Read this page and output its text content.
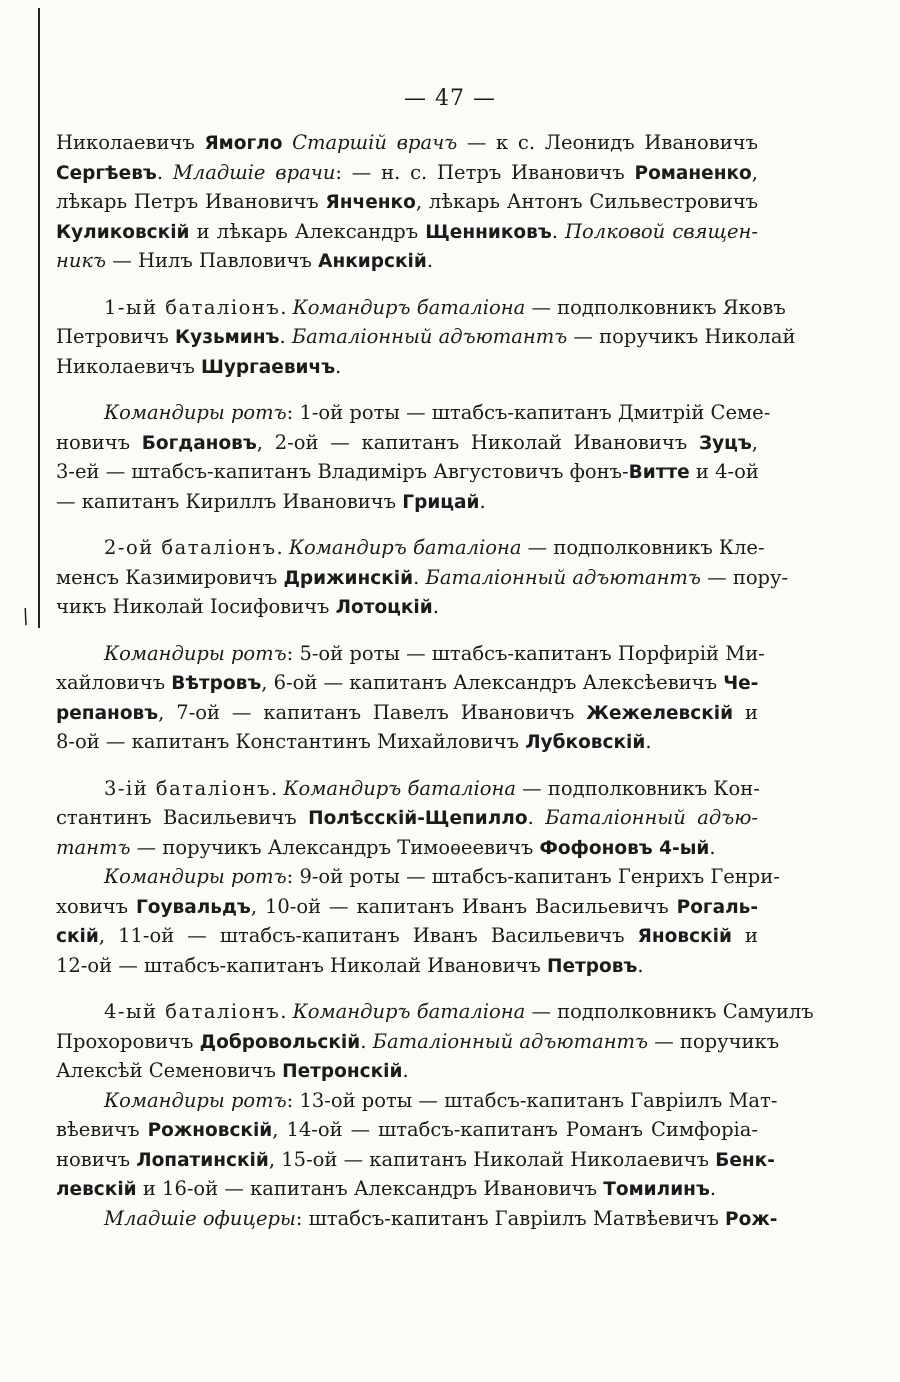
/
— 47 —
Николаевичъ Ямогло Старшій врачъ — к с. Леонидъ Ивановичъ
Сергѣевъ. Младшіе врачи: — н. с. Петръ Ивановичъ Романенко,
лѣкарь Петръ Ивановичъ Янченко, лѣкарь Антонъ Сильвестровичъ
Куликовскій и лѣкарь Александръ Щенниковъ. Полковой священ-
никъ — Нилъ Павловичъ Анкирскій.
1-ый баталіонъ. Командиръ баталіона — подполковникъ Яковъ
Петровичъ Кузьминъ. Баталіонный адъютантъ — поручикъ Николай
Николаевичъ Шургаевичъ.
Командиры ротъ: 1-ой роты — штабсъ-капитанъ Дмитрій Семе-
новичъ Богдановъ, 2-ой — капитанъ Николай Ивановичъ Зуцъ,
3-ей — штабсъ-капитанъ Владиміръ Августовичъ фонъ-Витте и 4-ой
— капитанъ Кириллъ Ивановичъ Грицай.
2-ой баталіонъ. Командиръ баталіона — подполковникъ Кле-
менсъ Казимировичъ Дрижинскій. Баталіонный адъютантъ — пору-
чикъ Николай Іосифовичъ Лотоцкій.
Командиры ротъ: 5-ой роты — штабсъ-капитанъ Порфирій Ми-
хайловичъ Вѣтровъ, 6-ой — капитанъ Александръ Алексѣевичъ Че-
репановъ, 7-ой — капитанъ Павелъ Ивановичъ Жежелевскій и
8-ой — капитанъ Константинъ Михайловичъ Лубковскій.
3-ій баталіонъ. Командиръ баталіона — подполковникъ Кон-
стантинъ Васильевичъ Полѣсскій-Щепилло. Баталіонный адъю-
тантъ — поручикъ Александръ Тимоѳеевичъ Фофоновъ 4-ый.
Командиры ротъ: 9-ой роты — штабсъ-капитанъ Генрихъ Генри-
ховичъ Гоувальдъ, 10-ой — капитанъ Иванъ Васильевичъ Рогаль-
скій, 11-ой — штабсъ-капитанъ Иванъ Васильевичъ Яновскій и
12-ой — штабсъ-капитанъ Николай Ивановичъ Петровъ.
4-ый баталіонъ. Командиръ баталіона — подполковникъ Самуилъ
Прохоровичъ Добровольскій. Баталіонный адъютантъ — поручикъ
Алексѣй Семеновичъ Петронскій.
Командиры ротъ: 13-ой роты — штабсъ-капитанъ Гавріилъ Мат-
вѣевичъ Рожновскій, 14-ой — штабсъ-капитанъ Романъ Симфоріа-
новичъ Лопатинскій, 15-ой — капитанъ Николай Николаевичъ Бенк-
левскій и 16-ой — капитанъ Александръ Ивановичъ Томилинъ.
Младшіе офицеры: штабсъ-капитанъ Гавріилъ Матвѣевичъ Рож-
